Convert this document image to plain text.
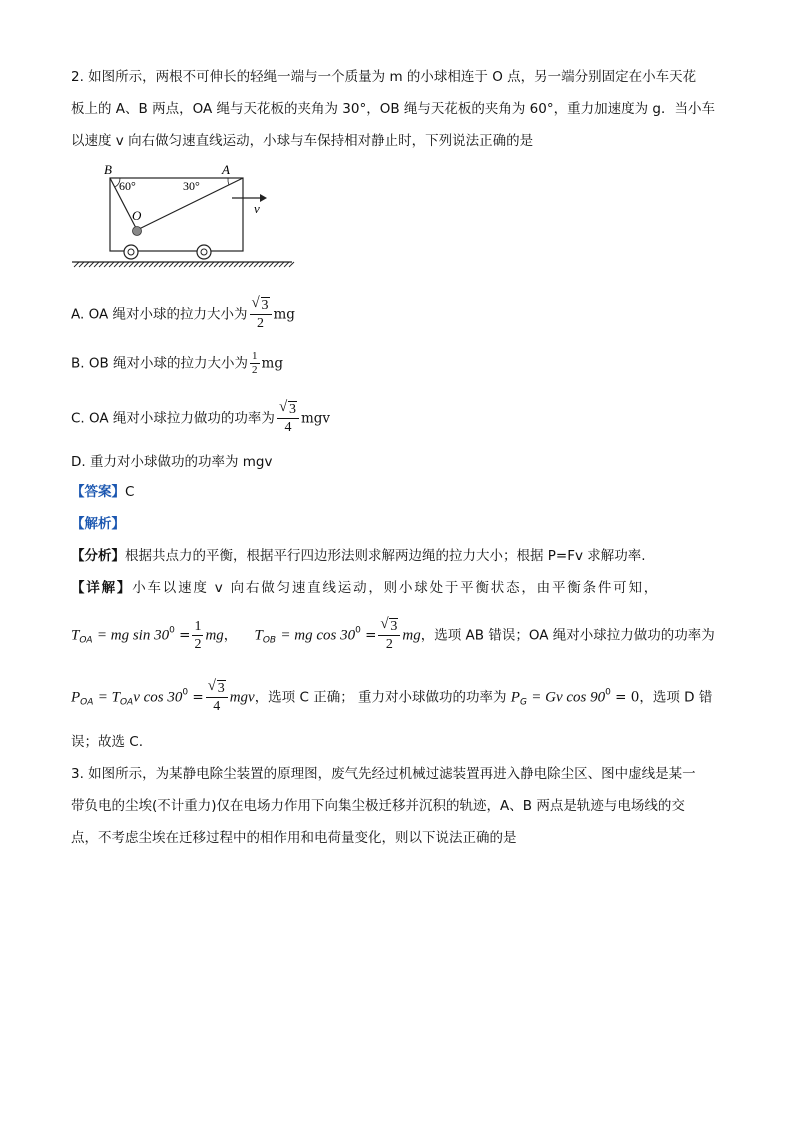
2. 如图所示，两根不可伸长的轻绳一端与一个质量为 m 的小球相连于 O 点，另一端分别固定在小车天花
板上的 A、B 两点，OA 绳与天花板的夹角为 30°，OB 绳与天花板的夹角为 60°，重力加速度为 g．当小车
以速度 v 向右做匀速直线运动，小球与车保持相对静止时，下列说法正确的是
B	A
O
60°	30°
v
A. OA 绳对小球的拉力大小为 $\frac{√ 3}{2}$ mg
B. OB 绳对小球的拉力大小为 $\frac{1}{2}$ mg
C. OA 绳对小球拉力做功的功率为 $\frac{√ 3}{4}$ mgv
D. 重力对小球做功的功率为 mgv
【答案】C
【解析】
【分析】根据共点力的平衡，根据平行四边形法则求解两边绳的拉力大小；根据 P=Fv 求解功率.
【详解】小车以速度 v 向右做匀速直线运动，则小球处于平衡状态，由平衡条件可知，
$T_{OA}$ = mg $\sin 30^0 = \frac{1}{2}$ mg， $T_{OB}$ = mg $\cos 30^0 = \frac{√ 3}{2}$ mg，选项 AB 错误；OA 绳对小球拉力做功的功率为
$P_{OA} = T_{OA}v$ $\cos 30^0 = \frac{√ 3}{4}$ mgv，选项 C 正确； 重力对小球做功的功率为 $P_G = Gv$ $\cos 90^0 = 0$，选项 D 错
误；故选 C.
3. 如图所示，为某静电除尘装置的原理图，废气先经过机械过滤装置再进入静电除尘区、图中虚线是某一
带负电的尘埃(不计重力)仅在电场力作用下向集尘极迁移并沉积的轨迹，A、B 两点是轨迹与电场线的交
点，不考虑尘埃在迁移过程中的相作用和电荷量变化，则以下说法正确的是
